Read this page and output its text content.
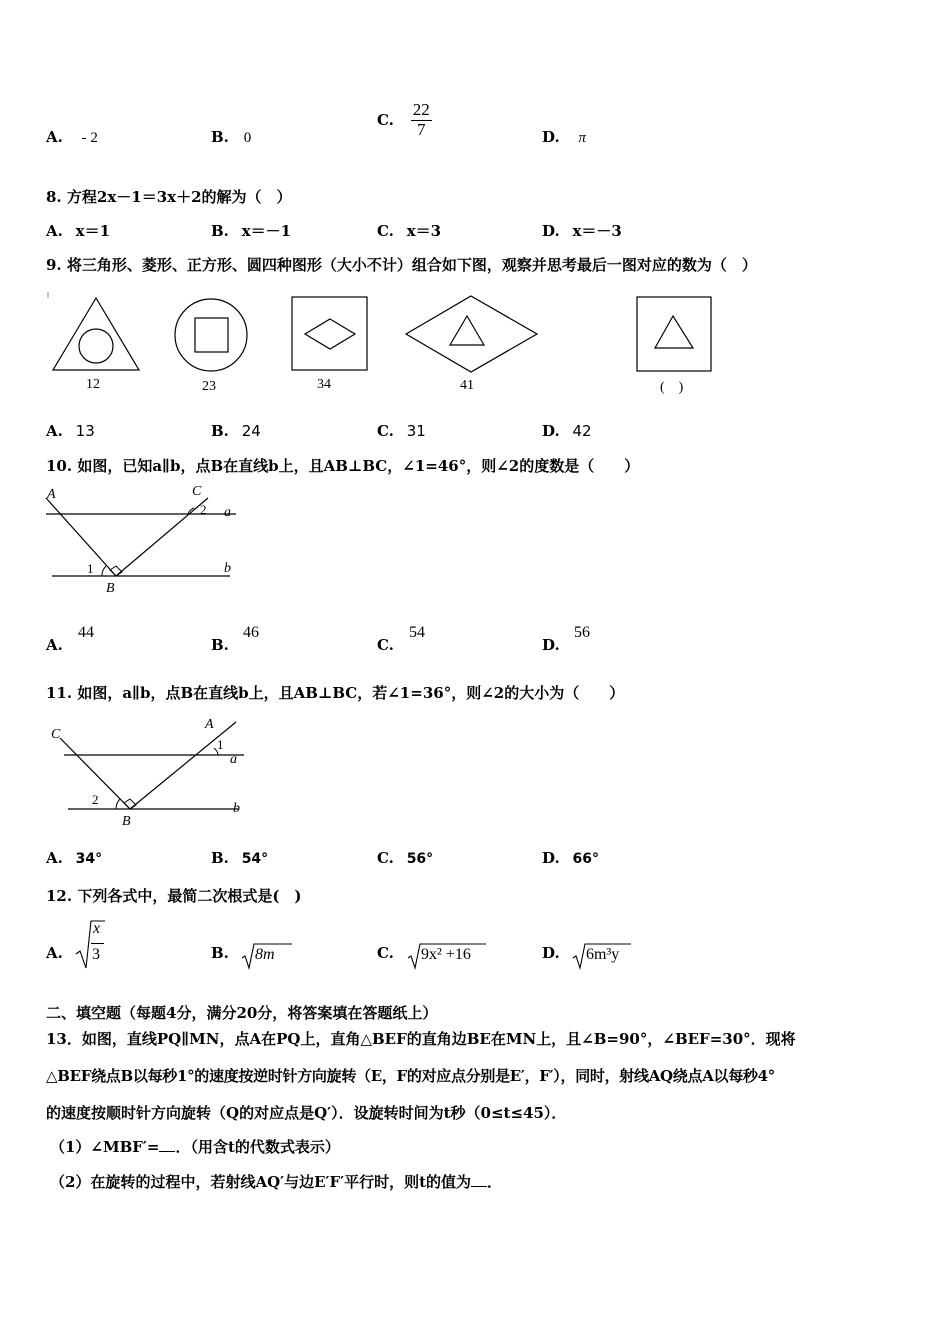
A. - 2	B. 0
C. $\frac{22}{7}$	D. π
8. 方程2x－1＝3x＋2的解为（　）
A. x＝1	B. x＝－1	C. x＝3	D. x＝－3
9. 将三角形、菱形、正方形、圆四种图形（大小不计）组合如下图，观察并思考最后一图对应的数为（　）
12	23	34	41	(　)
A. 13	B. 24	C. 31	D. 42
10. 如图，已知a∥b，点B在直线b上，且AB⊥BC，∠1=46°，则∠2的度数是（　　）
A	C
a
b
B
1
2
A.
44
B.
46
C.
54
D.
56
11. 如图，a∥b，点B在直线b上，且AB⊥BC，若∠1=36°，则∠2的大小为（　　）
C
A
a
b
B
2
1
A. 34°	B. 54°	C. 56°	D. 66°
12. 下列各式中，最简二次根式是(　)
A.
x
3	B. 8m	C. 9x² +16	D. 6m³y
二、填空题（每题4分，满分20分，将答案填在答题纸上）
13．如图，直线PQ∥MN，点A在PQ上，直角△BEF的直角边BE在MN上，且∠B=90°，∠BEF=30°．现将
△BEF绕点B以每秒1°的速度按逆时针方向旋转（E，F的对应点分别是E′，F′），同时，射线AQ绕点A以每秒4°
的速度按顺时针方向旋转（Q的对应点是Q′）．设旋转时间为t秒（0≤t≤45）．
（1）∠MBF′= ．（用含t的代数式表示）
（2）在旋转的过程中，若射线AQ′与边E′F′平行时，则t的值为 ．
